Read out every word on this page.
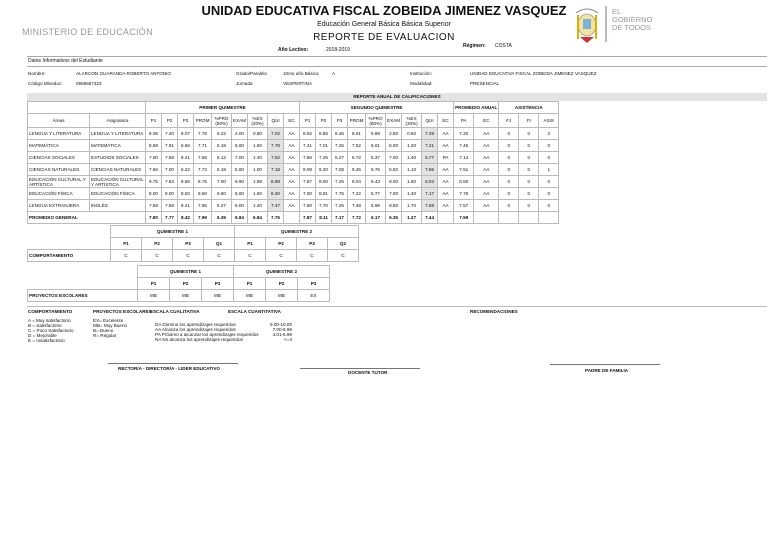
UNIDAD EDUCATIVA FISCAL ZOBEIDA JIMENEZ VASQUEZ
Educación General Básica Básica Superior
REPORTE DE EVALUACION
MINISTERIO DE EDUCACIÓN
Año Lectivo:	2018-2019
Régimen: COSTA
EL
GOBIERNO
DE TODOS
Datos Informativos del Estudiante
Nombre:	ALARCON GUARANDA ROBERTO ANTONIO	Grado/Paralelo	10mo año Básica	A	Institución:	UNIDAD EDUCATIVA FISCAL ZOBEIDA JIMENEZ VASQUEZ
Código Mineduc:	0958567323	Jornada	VESPERTINA	Modalidad:	PRESENCIAL
REPORTE ANUAL DE CALIFICACIONES
		PRIMER QUIMESTRE									SEGUNDO QUIMESTRE									PROMEDIO ANUAL		ASISTENCIA		
Áreas	Asignatura	P1	P2	P3	PROM	%PRO (80%)	EXAM	%EX (20%)	QUI	EC	P1	P2	P3	PROM	%PRO (80%)	EXAM	%EX (20%)	QUI	EC	PA	EC	FJ	FI	ASIS
LENGUA Y LITERATURA	LENGUA Y LITERATURA	8.08	7.20	8.07	7.78	6.22	4.00	0.80	7.02	AA	8.62	8.85	8.36	8.61	6.89	2.50	0.50	7.39	AA	7.20	AA	0	0	2
MATEMÁTICA	MATEMÁTICA	8.58	7.91	6.66	7.71	6.18	8.00	1.60	7.78	AA	7.41	7.01	7.25	7.52	6.01	6.00	1.20	7.21	AA	7.46	AA	0	0	0
CIENCIAS SOCIALES	ESTUDIOS SOCIALES	7.00	7.58	8.41	7.66	6.12	7.00	1.40	7.52	AA	7.66	7.25	5.27	6.72	5.37	7.00	1.40	6.77	PA	7.14	AA	0	0	0
CIENCIAS NATURALES	CIENCIAS NATURALES	7.66	7.00	6.22	7.73	6.18	5.00	1.00	7.18	AA	9.09	9.20	7.08	8.45	6.76	5.50	1.10	7.86	AA	7.51	AA	0	0	1
EDUCACIÓN CULTURAL Y ARTÍSTICA	EDUCACIÓN CULTURAL Y ARTÍSTICA	9.75	7.83	8.66	8.75	7.00	9.90	1.98	8.98	AA	7.87	9.00	7.25	8.04	6.43	8.00	1.60	8.03	AA	8.50	AA	0	0	0
EDUCACIÓN FÍSICA	EDUCACIÓN FÍSICA	8.00	9.00	8.50	8.50	6.80	8.00	1.60	8.40	AA	7.00	8.91	7.75	7.22	5.77	7.00	1.40	7.17	AA	7.78	AA	0	0	0
LENGUA EXTRANJERA	INGLÉS	7.58	7.58	8.41	7.85	6.27	6.00	1.20	7.47	AA	7.50	7.70	7.25	7.48	5.98	8.50	1.70	7.68	AA	7.57	AA	0	0	0
PROMEDIO GENERAL		7.80	7.77	8.42	7.99	6.39	6.84	6.84	7.76		7.87	8.11	7.17	7.72	6.17	6.35	1.27	7.44		7.59				
	QUIMESTRE 1				QUIMESTRE 2			
	P1	P2	P3	Q1	P1	P2	P3	Q2
COMPORTAMIENTO	C	C	C	C	C	C	C	C
	QUIMESTRE 1			QUIMESTRE 2		
	P1	P2	P3	P1	P2	P3
PROYECTOS ESCOLARES	MB	MB	MB	MB	MB	EX
COMPORTAMIENTO
A = Muy satisfactorio
B = Satisfactorio
C = Poco Satisfactorio
D = Mejorable
E = Insatisfactorio
PROYECTOS ESCOLARES
EX= Excelente
MB= Muy Bueno
B= Bueno
R= Regular
ESCALA CUALITATIVA
DA Domina los aprendizajes requeridos
AA Alcanza los aprendizajes requeridos
PA Próximo a alcanzar los aprendizajes requeridos
NA No alcanza los aprendizajes requeridos
ESCALA CUANTITATIVA
9.00-10.00
7.00-8.99
4.01-6.99
<=4
RECOMENDACIONES
RECTOR/A - DIRECTOR/A - LIDER EDUCATIVO
DOCENTE TUTOR	PADRE DE FAMILIA
